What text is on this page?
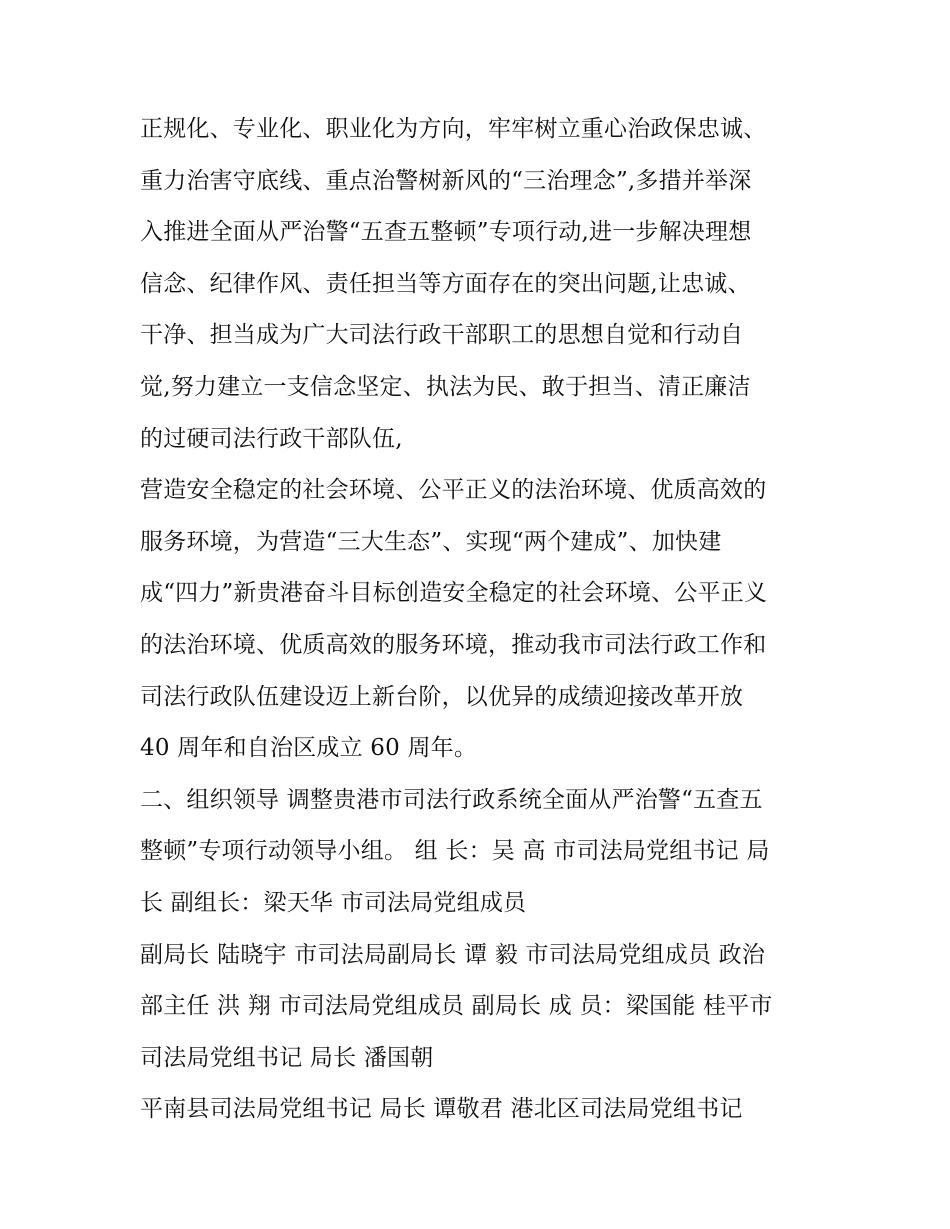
正规化、专业化、职业化为方向，牢牢树立重心治政保忠诚、
重力治害守底线、重点治警树新风的“三治理念”,多措并举深
入推进全面从严治警“五查五整顿”专项行动,进一步解决理想
信念、纪律作风、责任担当等方面存在的突出问题,让忠诚、
干净、担当成为广大司法行政干部职工的思想自觉和行动自
觉,努力建立一支信念坚定、执法为民、敢于担当、清正廉洁
的过硬司法行政干部队伍,
营造安全稳定的社会环境、公平正义的法治环境、优质高效的
服务环境，为营造“三大生态”、实现“两个建成”、加快建
成“四力”新贵港奋斗目标创造安全稳定的社会环境、公平正义
的法治环境、优质高效的服务环境，推动我市司法行政工作和
司法行政队伍建设迈上新台阶，以优异的成绩迎接改革开放
40 周年和自治区成立 60 周年。
二、组织领导 调整贵港市司法行政系统全面从严治警“五查五
整顿”专项行动领导小组。 组 长：吴 高 市司法局党组书记 局
长 副组长：梁天华 市司法局党组成员
副局长 陆晓宇 市司法局副局长 谭 毅 市司法局党组成员 政治
部主任 洪 翔 市司法局党组成员 副局长 成 员：梁国能 桂平市
司法局党组书记 局长 潘国朝
平南县司法局党组书记 局长 谭敬君 港北区司法局党组书记
